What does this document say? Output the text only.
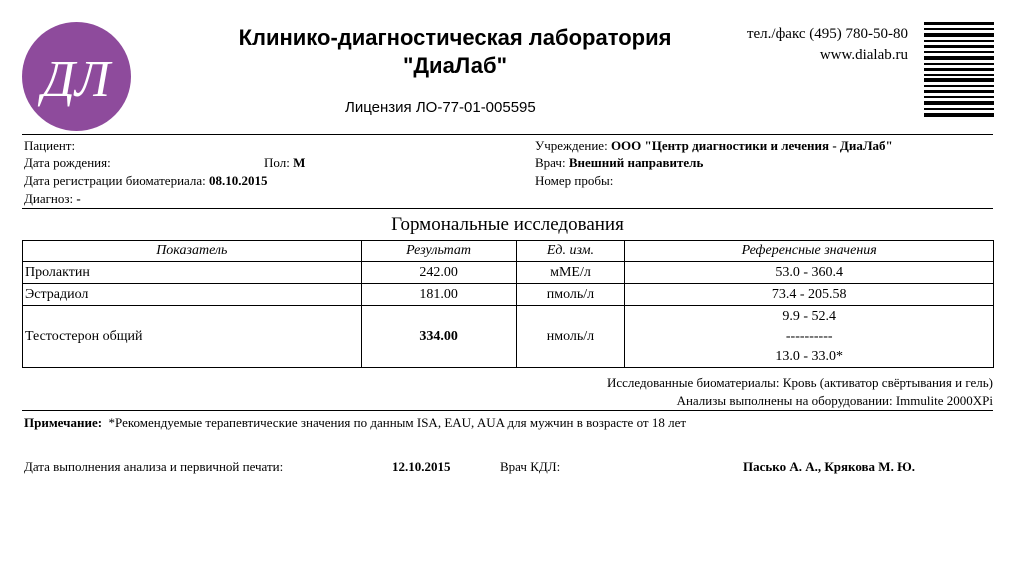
ДЛ
Клинико-диагностическая лаборатория
"ДиаЛаб"
Лицензия ЛО-77-01-005595
тел./факс (495) 780-50-80
www.dialab.ru
Пациент:
Дата рождения:	Пол: М
Дата регистрации биоматериала: 08.10.2015
Диагноз: -
Учреждение: ООО "Центр диагностики и лечения - ДиаЛаб"
Врач: Внешний направитель
Номер пробы:
Гормональные исследования
Показатель	Результат	Ед. изм.	Референсные значения
Пролактин	242.00	мМЕ/л	53.0 - 360.4
Эстрадиол	181.00	пмоль/л	73.4 - 205.58
Тестостерон общий	334.00	нмоль/л	9.9 - 52.4
----------
13.0 - 33.0*
Исследованные биоматериалы: Кровь (активатор свёртывания и гель)
Анализы выполнены на оборудовании: Immulite 2000XPi
Примечание: *Рекомендуемые терапевтические значения по данным ISA, EAU, AUA для мужчин в возрасте от 18 лет
Дата выполнения анализа и первичной печати:	12.10.2015	Врач КДЛ:	Пасько А. А., Крякова М. Ю.
